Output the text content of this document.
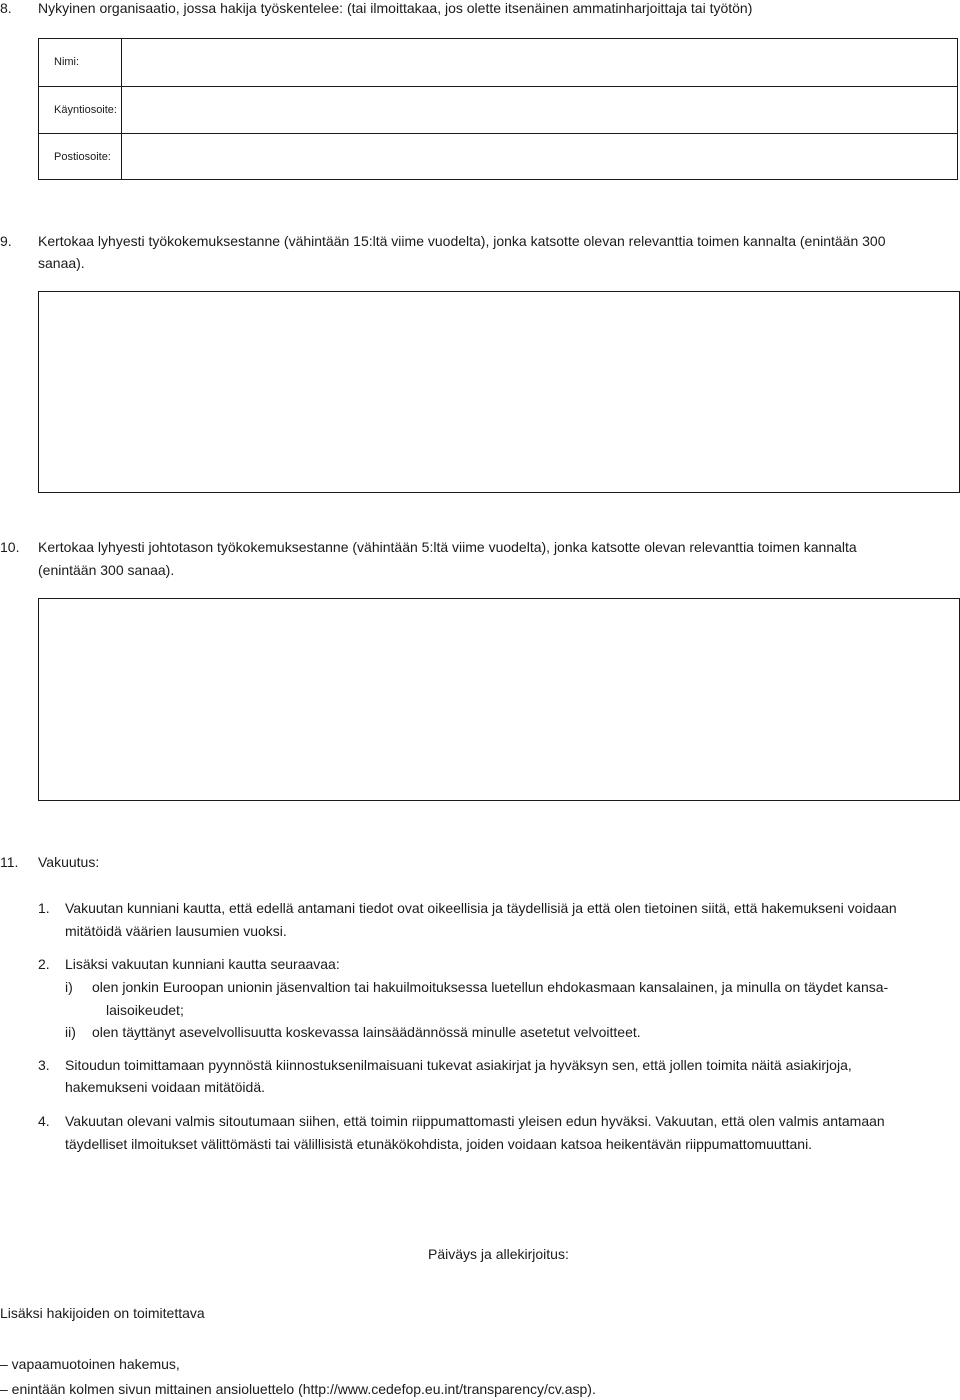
8. Nykyinen organisaatio, jossa hakija työskentelee: (tai ilmoittakaa, jos olette itsenäinen ammatinharjoittaja tai työtön)
Nimi:
Käyntiosoite:
Postiosoite:
9. Kertokaa lyhyesti työkokemuksestanne (vähintään 15:ltä viime vuodelta), jonka katsotte olevan relevanttia toimen kannalta (enintään 300
sanaa).
10. Kertokaa lyhyesti johtotason työkokemuksestanne (vähintään 5:ltä viime vuodelta), jonka katsotte olevan relevanttia toimen kannalta
(enintään 300 sanaa).
11. Vakuutus:
1. Vakuutan kunniani kautta, että edellä antamani tiedot ovat oikeellisia ja täydellisiä ja että olen tietoinen siitä, että hakemukseni voidaan
mitätöidä väärien lausumien vuoksi.
2. Lisäksi vakuutan kunniani kautta seuraavaa:
i) olen jonkin Euroopan unionin jäsenvaltion tai hakuilmoituksessa luetellun ehdokasmaan kansalainen, ja minulla on täydet kansa-
laisoikeudet;
ii) olen täyttänyt asevelvollisuutta koskevassa lainsäädännössä minulle asetetut velvoitteet.
3. Sitoudun toimittamaan pyynnöstä kiinnostuksenilmaisuani tukevat asiakirjat ja hyväksyn sen, että jollen toimita näitä asiakirjoja,
hakemukseni voidaan mitätöidä.
4. Vakuutan olevani valmis sitoutumaan siihen, että toimin riippumattomasti yleisen edun hyväksi. Vakuutan, että olen valmis antamaan
täydelliset ilmoitukset välittömästi tai välillisistä etunäkökohdista, joiden voidaan katsoa heikentävän riippumattomuuttani.
Päiväys ja allekirjoitus:
Lisäksi hakijoiden on toimitettava
– vapaamuotoinen hakemus,
– enintään kolmen sivun mittainen ansioluettelo (http://www.cedefop.eu.int/transparency/cv.asp).
